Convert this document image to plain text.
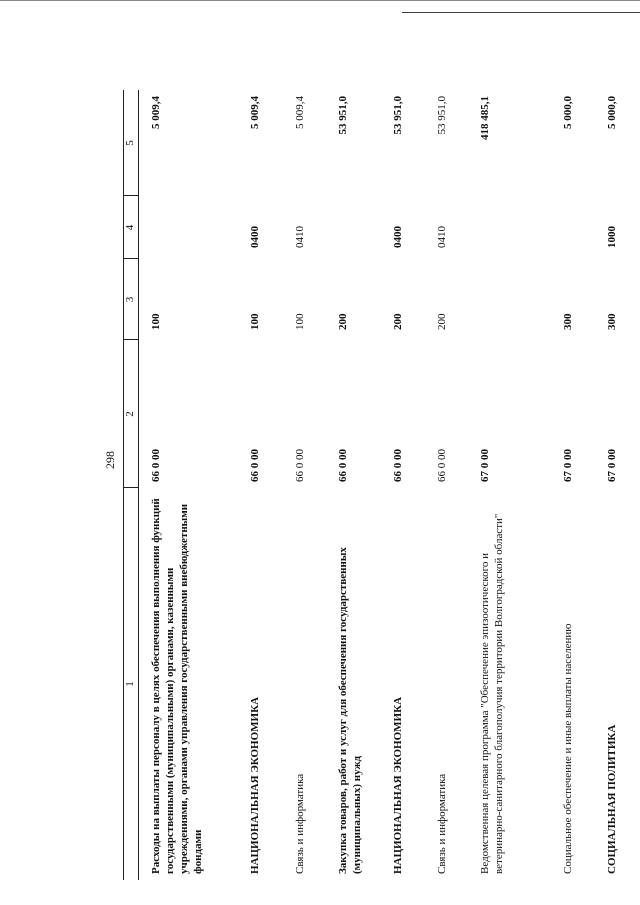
298
1
2
3
4
5
Расходы на выплаты персоналу в целях обеспечения выполнения функций государственными (муниципальными) органами, казенными учреждениями, органами управления государственными внебюджетными фондами
66 0 00
100
5 009,4
НАЦИОНАЛЬНАЯ ЭКОНОМИКА
66 0 00
100
0400
5 009,4
Связь и информатика
66 0 00
100
0410
5 009,4
Закупка товаров, работ и услуг для обеспечения государственных (муниципальных) нужд
66 0 00
200
53 951,0
НАЦИОНАЛЬНАЯ ЭКОНОМИКА
66 0 00
200
0400
53 951,0
Связь и информатика
66 0 00
200
0410
53 951,0
Ведомственная целевая программа "Обеспечение эпизоотического и ветеринарно-санитарного благополучия территории Волгоградской области"
67 0 00
418 485,1
Социальное обеспечение и иные выплаты населению
67 0 00
300
5 000,0
СОЦИАЛЬНАЯ ПОЛИТИКА
67 0 00
300
1000
5 000,0
